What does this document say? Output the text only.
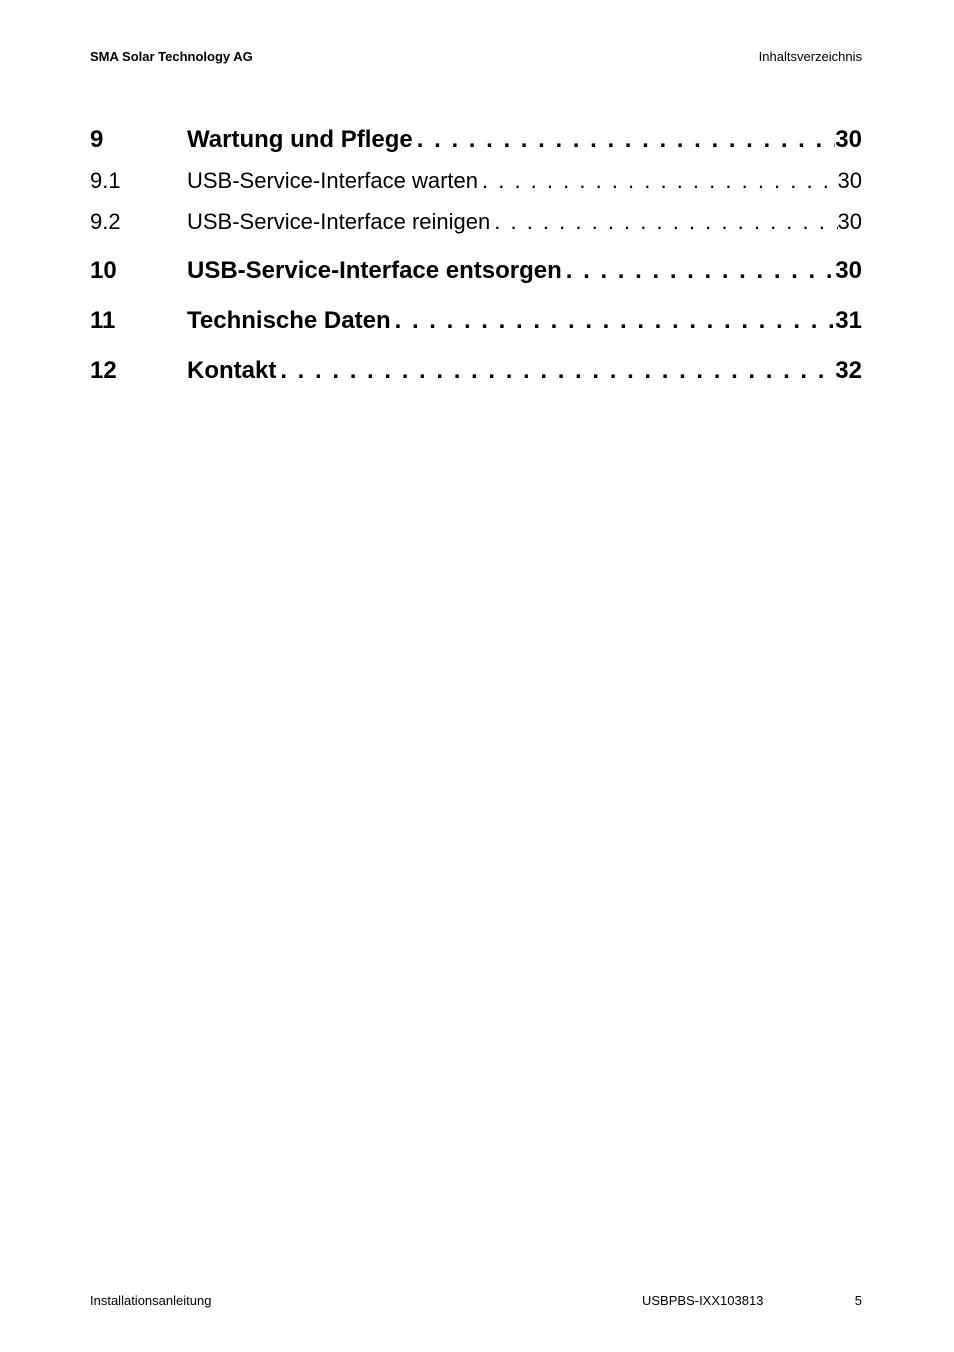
SMA Solar Technology AG	Inhaltsverzeichnis
9	Wartung und Pflege . . .	30
9.1	USB-Service-Interface warten . . .	30
9.2	USB-Service-Interface reinigen . . .	30
10	USB-Service-Interface entsorgen . . .	30
11	Technische Daten . . .	31
12	Kontakt . . .	32
Installationsanleitung	USBPBS-IXX103813	5
